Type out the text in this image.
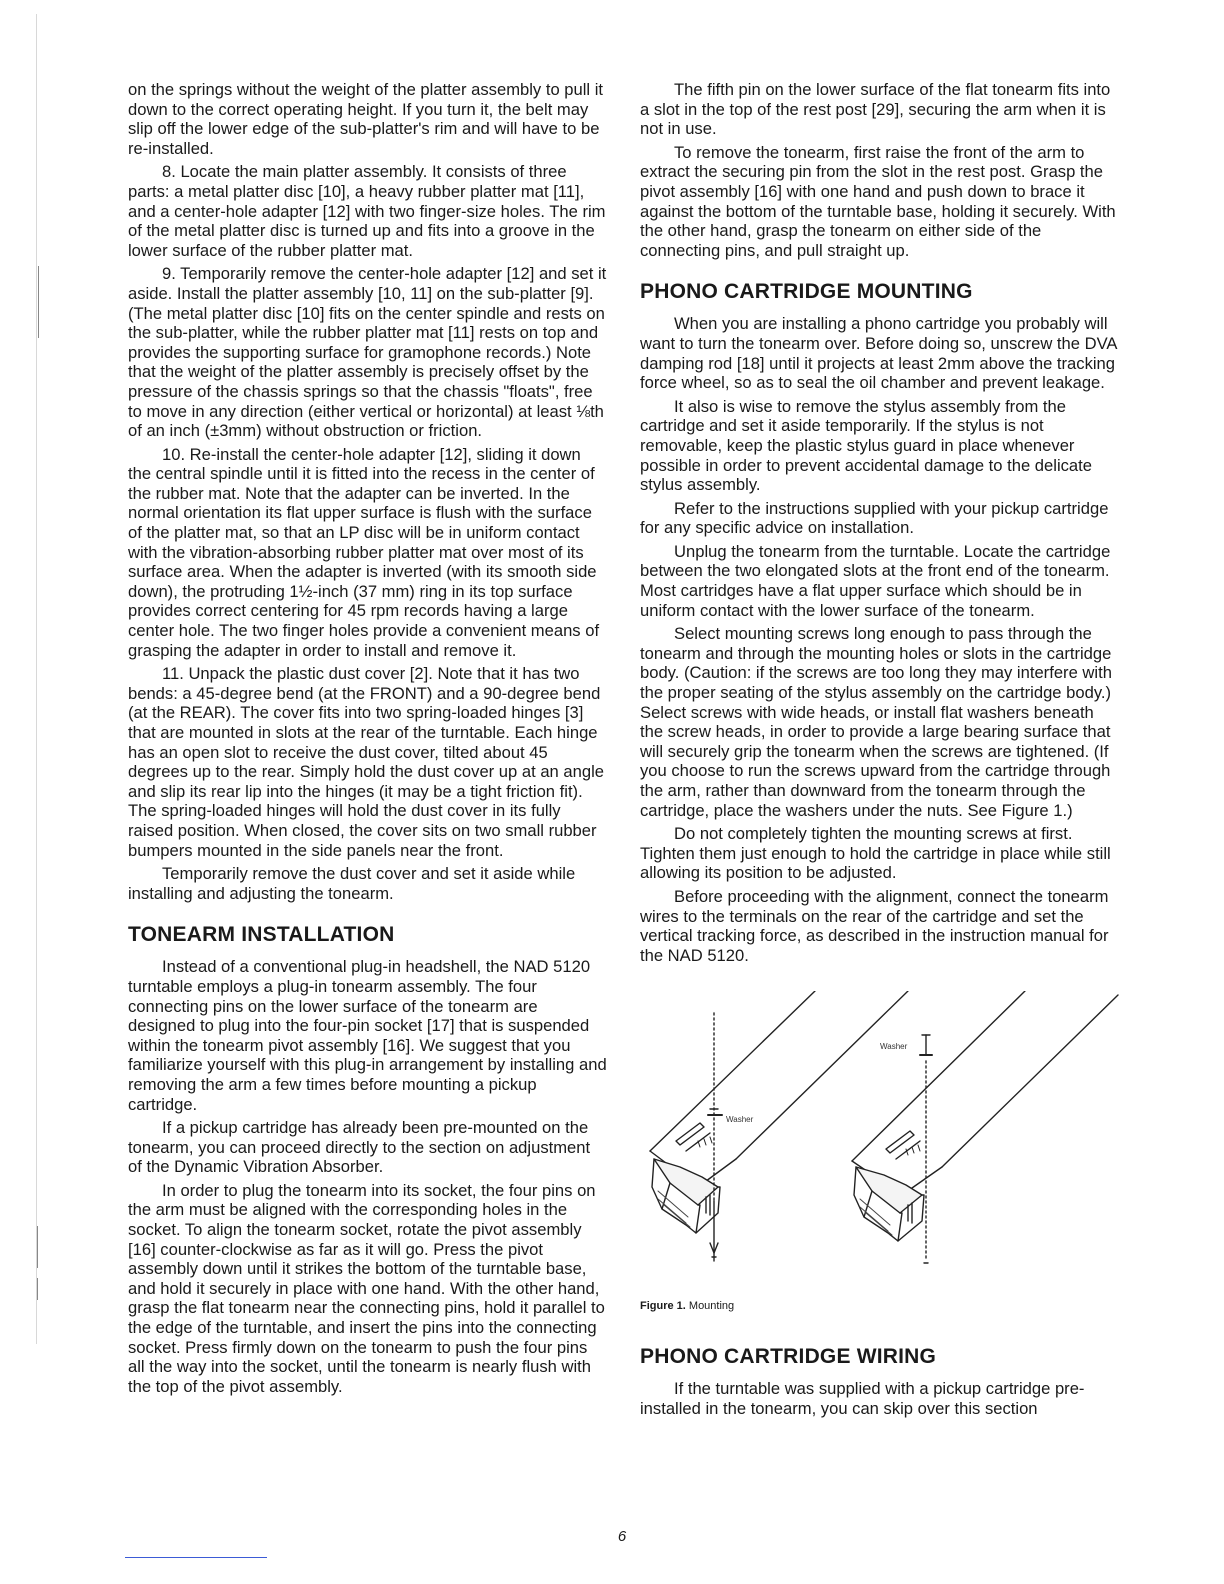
on the springs without the weight of the platter assembly to pull it down to the correct operating height. If you turn it, the belt may slip off the lower edge of the sub-platter's rim and will have to be re-installed.

8. Locate the main platter assembly. It consists of three parts: a metal platter disc [10], a heavy rubber platter mat [11], and a center-hole adapter [12] with two finger-size holes. The rim of the metal platter disc is turned up and fits into a groove in the lower surface of the rubber platter mat.

9. Temporarily remove the center-hole adapter [12] and set it aside. Install the platter assembly [10, 11] on the sub-platter [9]. (The metal platter disc [10] fits on the center spindle and rests on the sub-platter, while the rubber platter mat [11] rests on top and provides the supporting surface for gramophone records.) Note that the weight of the platter assembly is precisely offset by the pressure of the chassis springs so that the chassis "floats", free to move in any direction (either vertical or horizontal) at least ⅛th of an inch (±3mm) without obstruction or friction.

10. Re-install the center-hole adapter [12], sliding it down the central spindle until it is fitted into the recess in the center of the rubber mat. Note that the adapter can be inverted. In the normal orientation its flat upper surface is flush with the surface of the platter mat, so that an LP disc will be in uniform contact with the vibration-absorbing rubber platter mat over most of its surface area. When the adapter is inverted (with its smooth side down), the protruding 1½-inch (37 mm) ring in its top surface provides correct centering for 45 rpm records having a large center hole. The two finger holes provide a convenient means of grasping the adapter in order to install and remove it.

11. Unpack the plastic dust cover [2]. Note that it has two bends: a 45-degree bend (at the FRONT) and a 90-degree bend (at the REAR). The cover fits into two spring-loaded hinges [3] that are mounted in slots at the rear of the turntable. Each hinge has an open slot to receive the dust cover, tilted about 45 degrees up to the rear. Simply hold the dust cover up at an angle and slip its rear lip into the hinges (it may be a tight friction fit). The spring-loaded hinges will hold the dust cover in its fully raised position. When closed, the cover sits on two small rubber bumpers mounted in the side panels near the front.

Temporarily remove the dust cover and set it aside while installing and adjusting the tonearm.

TONEARM INSTALLATION

Instead of a conventional plug-in headshell, the NAD 5120 turntable employs a plug-in tonearm assembly. The four connecting pins on the lower surface of the tonearm are designed to plug into the four-pin socket [17] that is suspended within the tonearm pivot assembly [16]. We suggest that you familiarize yourself with this plug-in arrangement by installing and removing the arm a few times before mounting a pickup cartridge.

If a pickup cartridge has already been pre-mounted on the tonearm, you can proceed directly to the section on adjustment of the Dynamic Vibration Absorber.

In order to plug the tonearm into its socket, the four pins on the arm must be aligned with the corresponding holes in the socket. To align the tonearm socket, rotate the pivot assembly [16] counter-clockwise as far as it will go. Press the pivot assembly down until it strikes the bottom of the turntable base, and hold it securely in place with one hand. With the other hand, grasp the flat tonearm near the connecting pins, hold it parallel to the edge of the turntable, and insert the pins into the connecting socket. Press firmly down on the tonearm to push the four pins all the way into the socket, until the tonearm is nearly flush with the top of the pivot assembly.

The fifth pin on the lower surface of the flat tonearm fits into a slot in the top of the rest post [29], securing the arm when it is not in use.

To remove the tonearm, first raise the front of the arm to extract the securing pin from the slot in the rest post. Grasp the pivot assembly [16] with one hand and push down to brace it against the bottom of the turntable base, holding it securely. With the other hand, grasp the tonearm on either side of the connecting pins, and pull straight up.

PHONO CARTRIDGE MOUNTING

When you are installing a phono cartridge you probably will want to turn the tonearm over. Before doing so, unscrew the DVA damping rod [18] until it projects at least 2mm above the tracking force wheel, so as to seal the oil chamber and prevent leakage.

It also is wise to remove the stylus assembly from the cartridge and set it aside temporarily. If the stylus is not removable, keep the plastic stylus guard in place whenever possible in order to prevent accidental damage to the delicate stylus assembly.

Refer to the instructions supplied with your pickup cartridge for any specific advice on installation.

Unplug the tonearm from the turntable. Locate the cartridge between the two elongated slots at the front end of the tonearm. Most cartridges have a flat upper surface which should be in uniform contact with the lower surface of the tonearm.

Select mounting screws long enough to pass through the tonearm and through the mounting holes or slots in the cartridge body. (Caution: if the screws are too long they may interfere with the proper seating of the stylus assembly on the cartridge body.) Select screws with wide heads, or install flat washers beneath the screw heads, in order to provide a large bearing surface that will securely grip the tonearm when the screws are tightened. (If you choose to run the screws upward from the cartridge through the arm, rather than downward from the tonearm through the cartridge, place the washers under the nuts. See Figure 1.)

Do not completely tighten the mounting screws at first. Tighten them just enough to hold the cartridge in place while still allowing its position to be adjusted.

Before proceeding with the alignment, connect the tonearm wires to the terminals on the rear of the cartridge and set the vertical tracking force, as described in the instruction manual for the NAD 5120.

Washer
Washer
Figure 1. Mounting
PHONO CARTRIDGE WIRING

If the turntable was supplied with a pickup cartridge pre-installed in the tonearm, you can skip over this section

6
